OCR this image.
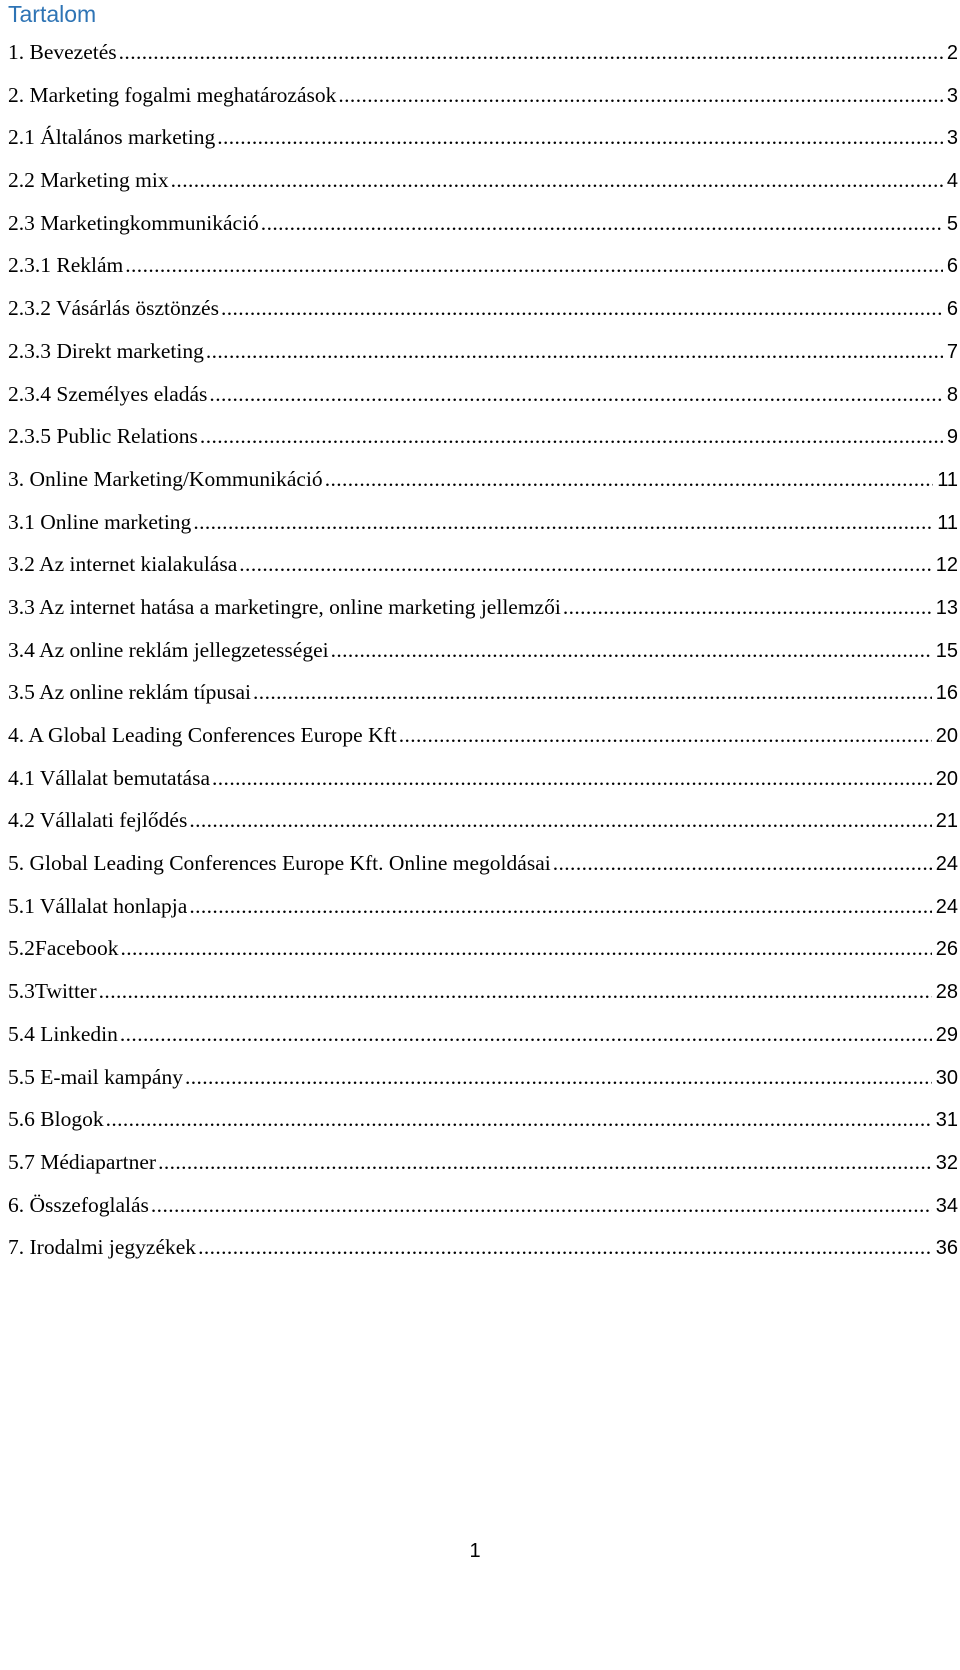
Tartalom
1. Bevezetés .....	2
2. Marketing fogalmi meghatározások .....	3
2.1 Általános marketing .....	3
2.2 Marketing mix .....	4
2.3 Marketingkommunikáció .....	5
2.3.1 Reklám .....	6
2.3.2 Vásárlás ösztönzés .....	6
2.3.3 Direkt marketing .....	7
2.3.4 Személyes eladás .....	8
2.3.5 Public Relations .....	9
3. Online Marketing/Kommunikáció .....	11
3.1 Online marketing .....	11
3.2 Az internet kialakulása .....	12
3.3 Az internet hatása a marketingre, online marketing jellemzői .....	13
3.4 Az online reklám jellegzetességei .....	15
3.5 Az online reklám típusai .....	16
4. A Global Leading Conferences Europe Kft .....	20
4.1 Vállalat bemutatása .....	20
4.2 Vállalati fejlődés .....	21
5. Global Leading Conferences Europe Kft. Online megoldásai .....	24
5.1 Vállalat honlapja .....	24
5.2Facebook .....	26
5.3Twitter .....	28
5.4 Linkedin .....	29
5.5 E-mail kampány .....	30
5.6 Blogok .....	31
5.7 Médiapartner .....	32
6. Összefoglalás .....	34
7. Irodalmi jegyzékek .....	36
1
